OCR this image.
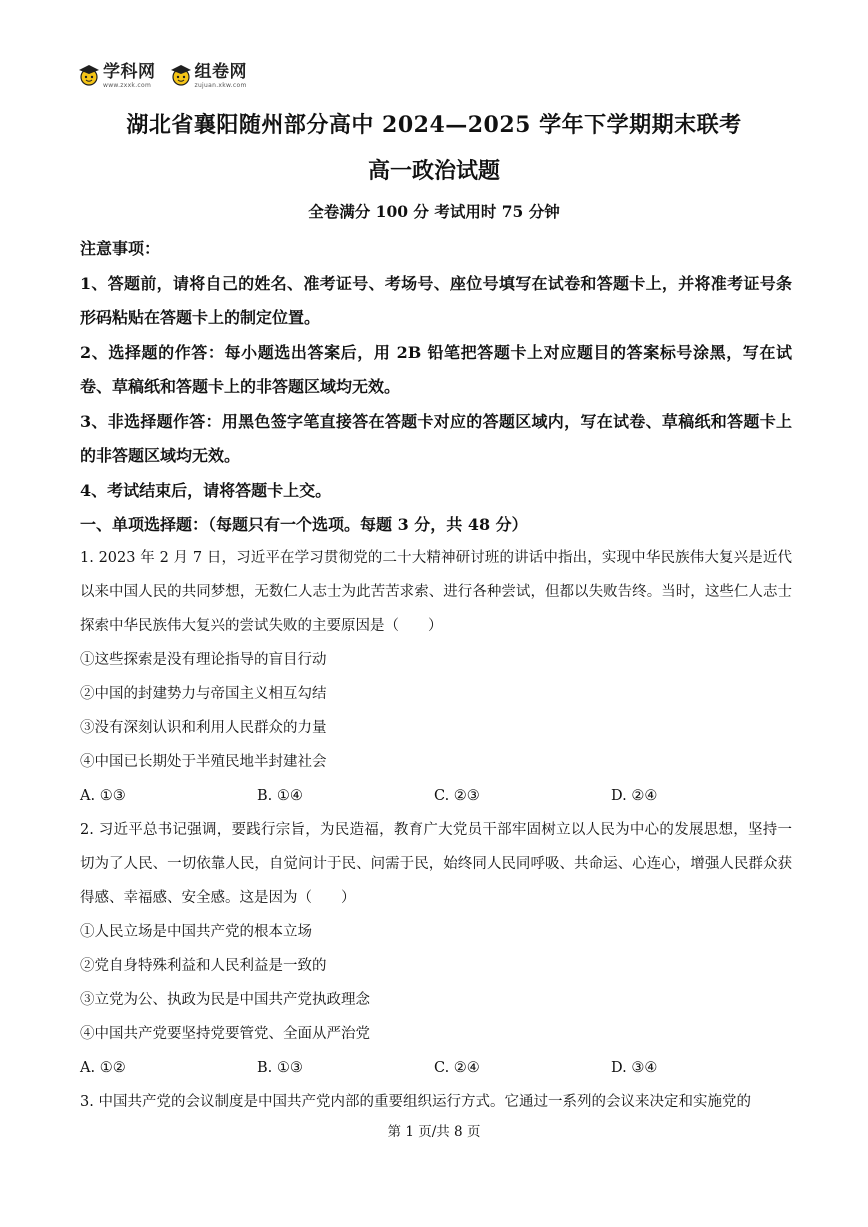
学科网
www.zxxk.com
组卷网
zujuan.xkw.com
湖北省襄阳随州部分高中 2024—2025 学年下学期期末联考
高一政治试题
全卷满分 100 分 考试用时 75 分钟

注意事项：

1、答题前，请将自己的姓名、准考证号、考场号、座位号填写在试卷和答题卡上，并将准考证号条形码粘贴在答题卡上的制定位置。

2、选择题的作答：每小题选出答案后，用 2B 铅笔把答题卡上对应题目的答案标号涂黑，写在试卷、草稿纸和答题卡上的非答题区域均无效。

3、非选择题作答：用黑色签字笔直接答在答题卡对应的答题区域内，写在试卷、草稿纸和答题卡上的非答题区域均无效。

4、考试结束后，请将答题卡上交。

一、单项选择题：（每题只有一个选项。每题 3 分，共 48 分）

1. 2023 年 2 月 7 日，习近平在学习贯彻党的二十大精神研讨班的讲话中指出，实现中华民族伟大复兴是近代以来中国人民的共同梦想，无数仁人志士为此苦苦求索、进行各种尝试，但都以失败告终。当时，这些仁人志士探索中华民族伟大复兴的尝试失败的主要原因是（　　）

①这些探索是没有理论指导的盲目行动

②中国的封建势力与帝国主义相互勾结

③没有深刻认识和利用人民群众的力量

④中国已长期处于半殖民地半封建社会

A. ①③	B. ①④	C. ②③	D. ②④

2. 习近平总书记强调，要践行宗旨，为民造福，教育广大党员干部牢固树立以人民为中心的发展思想，坚持一切为了人民、一切依靠人民，自觉问计于民、问需于民，始终同人民同呼吸、共命运、心连心，增强人民群众获得感、幸福感、安全感。这是因为（　　）

①人民立场是中国共产党的根本立场

②党自身特殊利益和人民利益是一致的

③立党为公、执政为民是中国共产党执政理念

④中国共产党要坚持党要管党、全面从严治党

A. ①②	B. ①③	C. ②④	D. ③④

3. 中国共产党的会议制度是中国共产党内部的重要组织运行方式。它通过一系列的会议来决定和实施党的

第 1 页/共 8 页
